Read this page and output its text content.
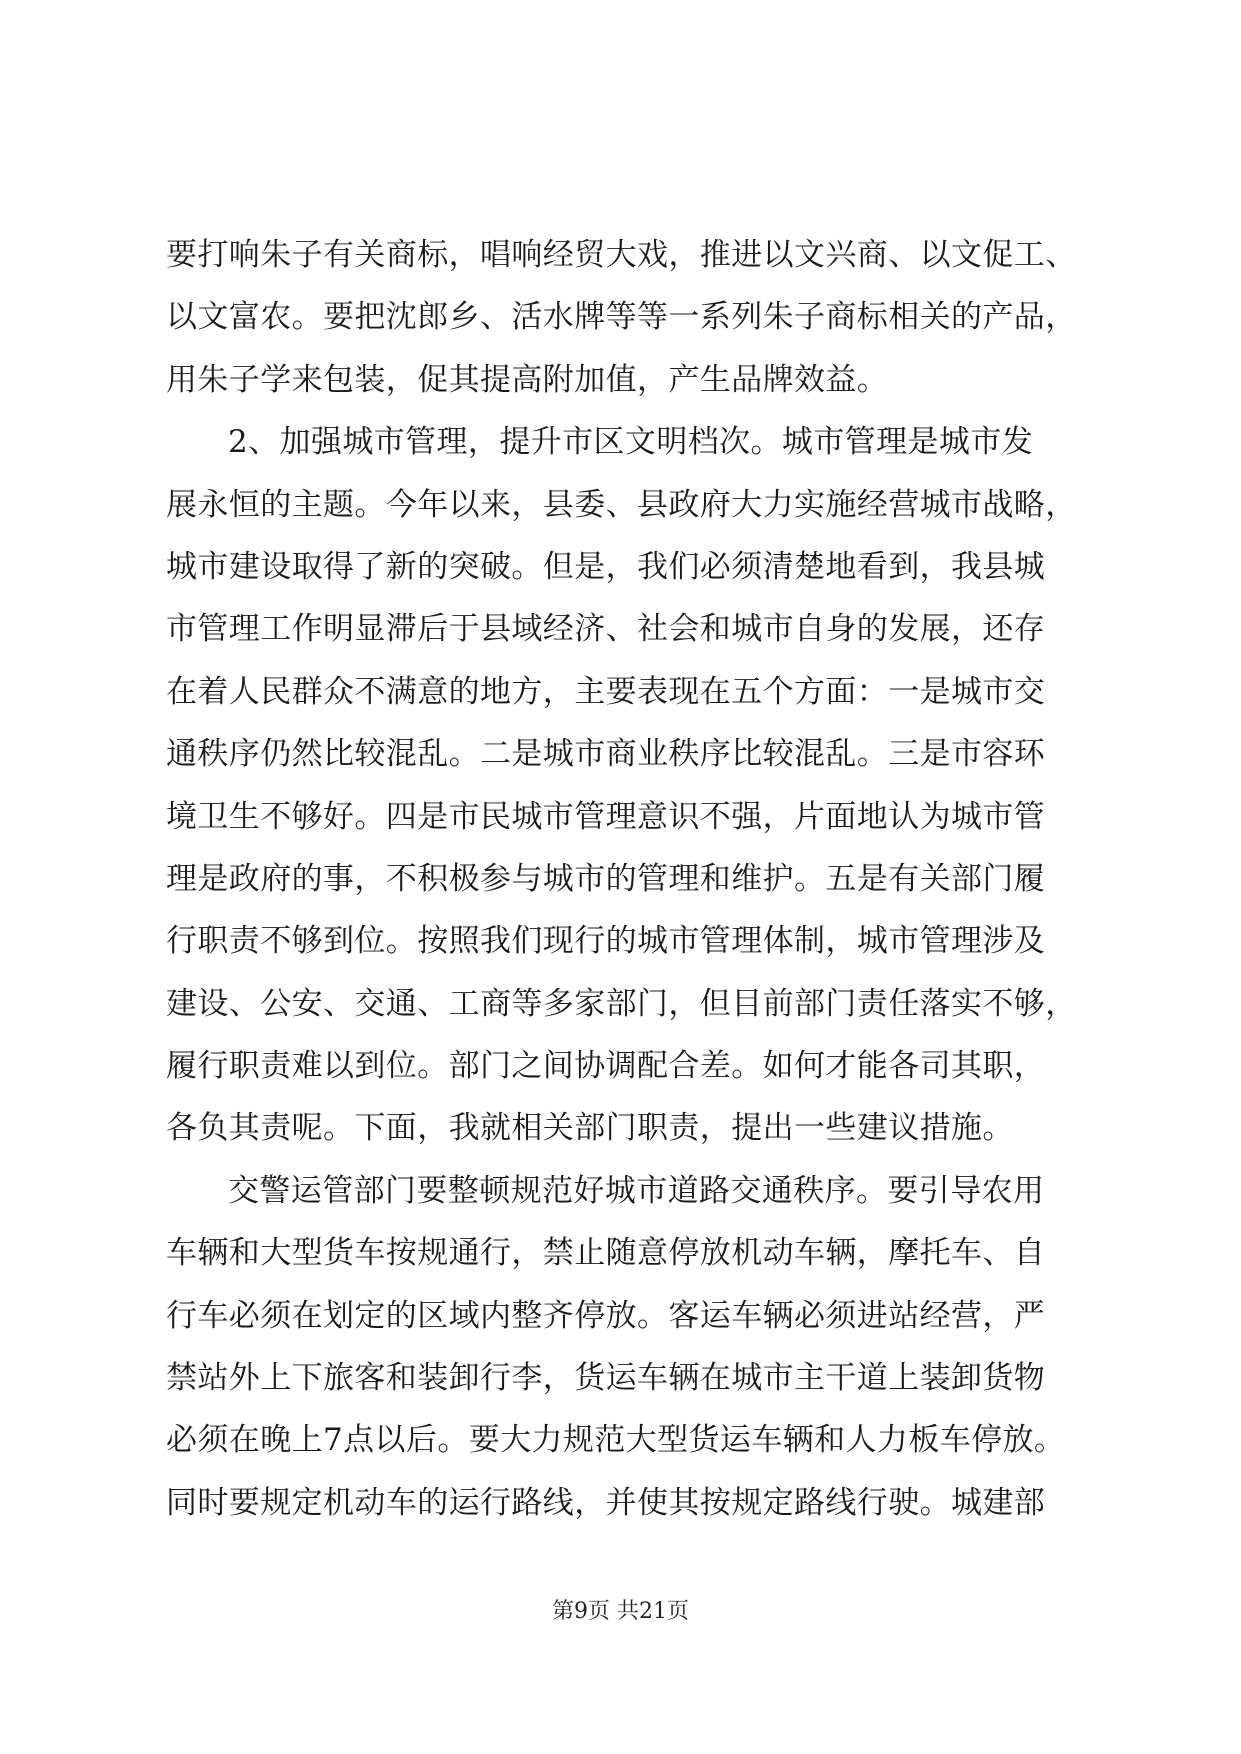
要打响朱子有关商标，唱响经贸大戏，推进以文兴商、以文促工、
以文富农。要把沈郎乡、活水牌等等一系列朱子商标相关的产品，
用朱子学来包装，促其提高附加值，产生品牌效益。
2、加强城市管理，提升市区文明档次。城市管理是城市发
展永恒的主题。今年以来，县委、县政府大力实施经营城市战略，
城市建设取得了新的突破。但是，我们必须清楚地看到，我县城
市管理工作明显滞后于县域经济、社会和城市自身的发展，还存
在着人民群众不满意的地方，主要表现在五个方面：一是城市交
通秩序仍然比较混乱。二是城市商业秩序比较混乱。三是市容环
境卫生不够好。四是市民城市管理意识不强，片面地认为城市管
理是政府的事，不积极参与城市的管理和维护。五是有关部门履
行职责不够到位。按照我们现行的城市管理体制，城市管理涉及
建设、公安、交通、工商等多家部门，但目前部门责任落实不够，
履行职责难以到位。部门之间协调配合差。如何才能各司其职，
各负其责呢。下面，我就相关部门职责，提出一些建议措施。
交警运管部门要整顿规范好城市道路交通秩序。要引导农用
车辆和大型货车按规通行，禁止随意停放机动车辆，摩托车、自
行车必须在划定的区域内整齐停放。客运车辆必须进站经营，严
禁站外上下旅客和装卸行李，货运车辆在城市主干道上装卸货物
必须在晚上7点以后。要大力规范大型货运车辆和人力板车停放。
同时要规定机动车的运行路线，并使其按规定路线行驶。城建部
第9页 共21页
